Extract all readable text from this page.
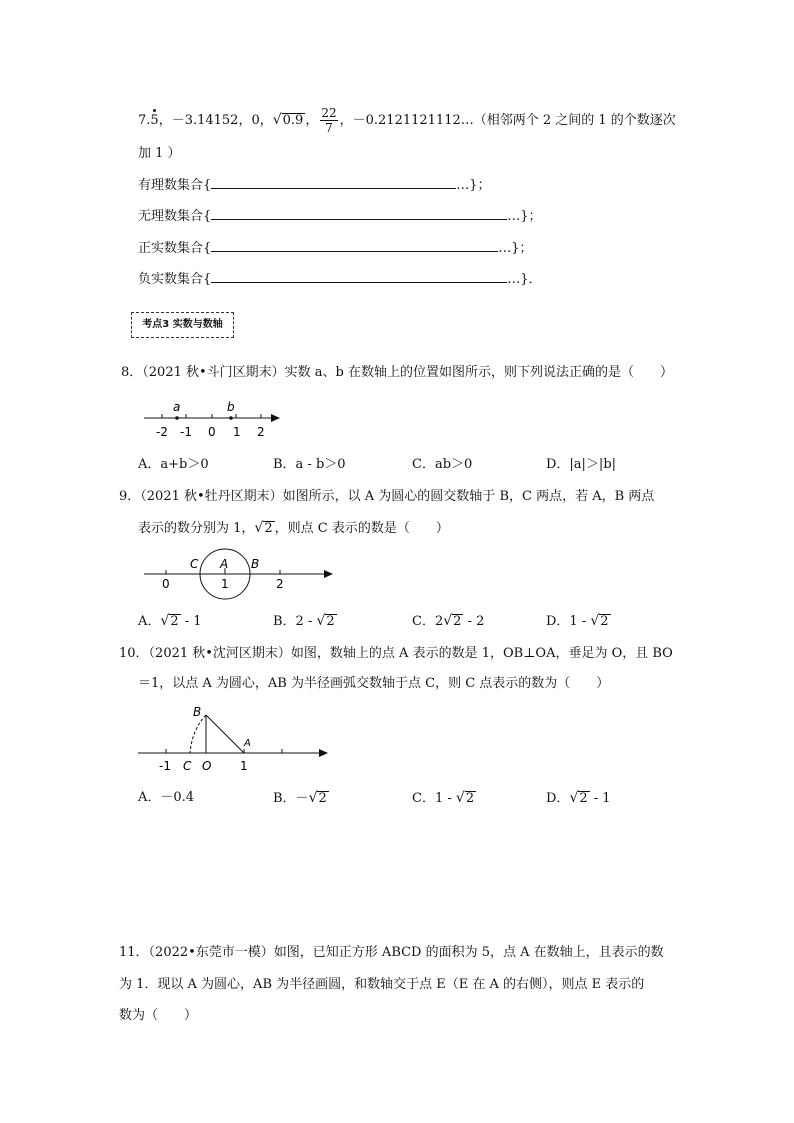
7.5，－3.14152，0，√0.9 ， $\frac{22}{7}$ ，－0.2121121112…（相邻两个 2 之间的 1 的个数逐次
加 1 ）
有理数集合{	…}；
无理数集合{	…}；
正实数集合{	…}；
负实数集合{	…}．
考点3 实数与数轴
8．（2021 秋•斗门区期末）实数 a、b 在数轴上的位置如图所示，则下列说法正确的是（　　）
a	b
-2 -1 0 1 2
A．a+b＞0	B．a - b＞0	C．ab＞0	D．|a|＞|b|
9．（2021 秋•牡丹区期末）如图所示，以 A 为圆心的圆交数轴于 B，C 两点，若 A，B 两点
表示的数分别为 1，√2 ，则点 C 表示的数是（　　）
C A B
0	1	2
A．√2 - 1	B．2 - √2	C．2√2 - 2	D．1 - √2
10．（2021 秋•沈河区期末）如图，数轴上的点 A 表示的数是 1，OB⊥OA，垂足为 O，且 BO
＝1，以点 A 为圆心，AB 为半径画弧交数轴于点 C，则 C 点表示的数为（　　）
B
A
C O
-1	1
A．－0.4	B．－√2	C．1 - √2	D．√2 - 1
11．（2022•东莞市一模）如图，已知正方形 ABCD 的面积为 5，点 A 在数轴上，且表示的数
为 1．现以 A 为圆心，AB 为半径画圆，和数轴交于点 E（E 在 A 的右侧），则点 E 表示的
数为（　　）
